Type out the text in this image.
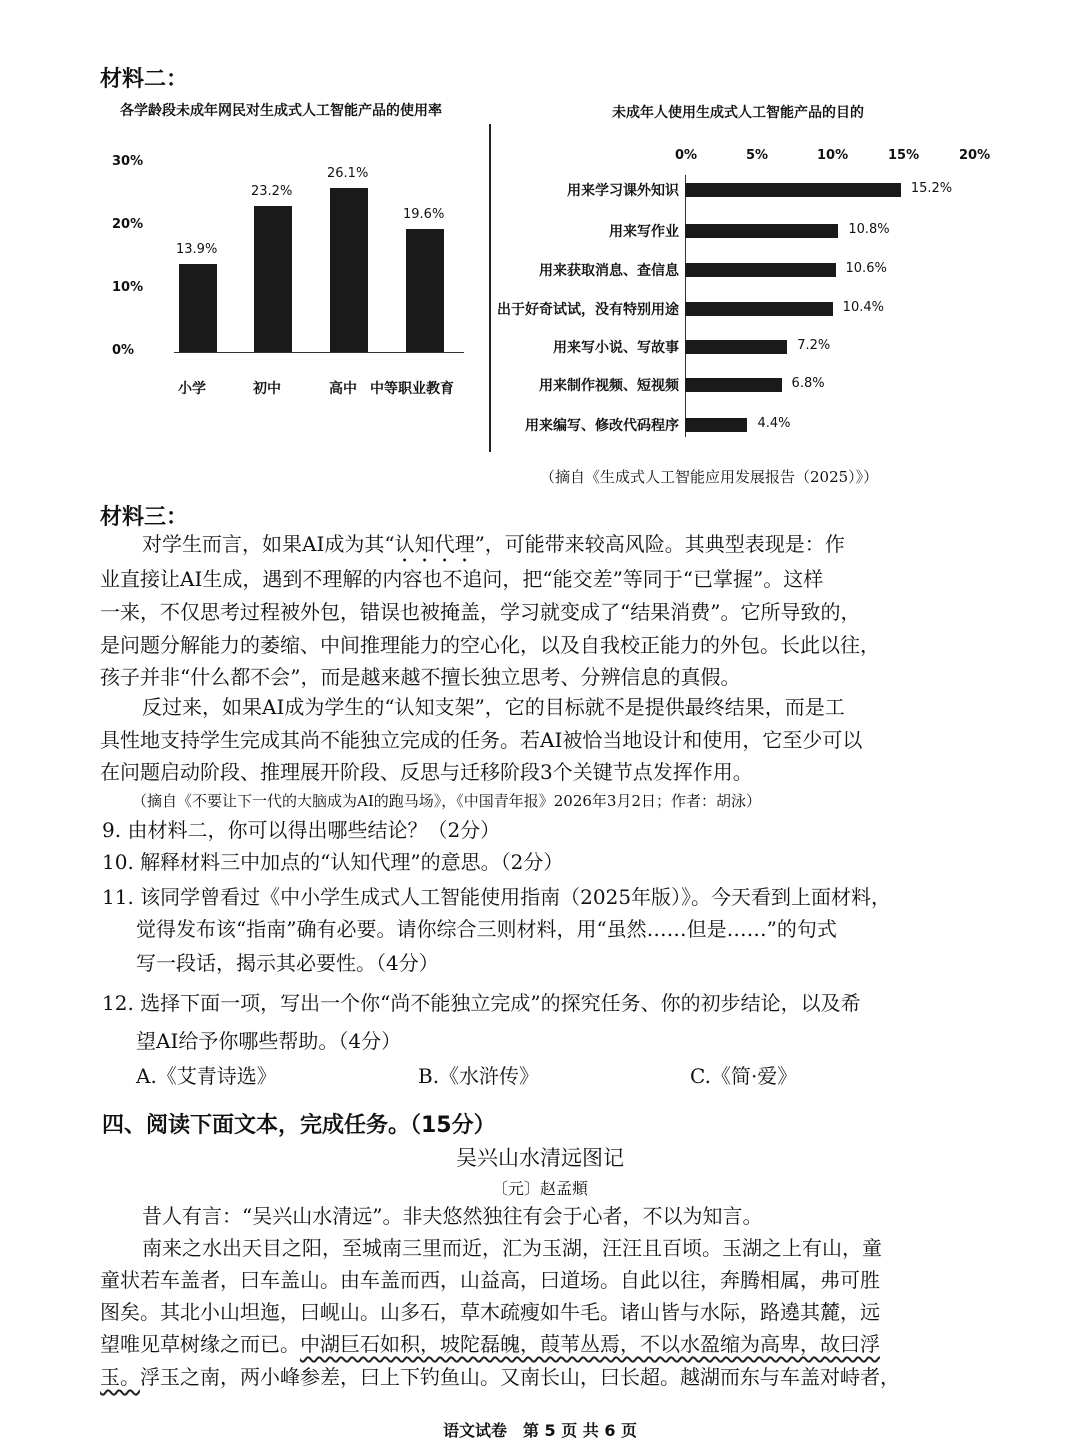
材料二：
各学龄段未成年网民对生成式人工智能产品的使用率
0%
10%
20%
30%
13.9%
小学
23.2%
初中
26.1%
高中
19.6%
中等职业教育
未成年人使用生成式人工智能产品的目的
0%	5%	10%	15%	20%
15.2%
用来学习课外知识
10.8%
用来写作业
10.6%
用来获取消息、查信息
10.4%
出于好奇试试，没有特别用途
7.2%
用来写小说、写故事
6.8%
用来制作视频、短视频
4.4%
用来编写、修改代码程序
（摘自《生成式人工智能应用发展报告（2025）》）
材料三：
对学生而言，如果AI成为其“认知代理”，可能带来较高风险。其典型表现是：作
业直接让AI生成，遇到不理解的内容也不追问，把“能交差”等同于“已掌握”。这样
一来，不仅思考过程被外包，错误也被掩盖，学习就变成了“结果消费”。它所导致的，
是问题分解能力的萎缩、中间推理能力的空心化，以及自我校正能力的外包。长此以往，
孩子并非“什么都不会”，而是越来越不擅长独立思考、分辨信息的真假。
反过来，如果AI成为学生的“认知支架”，它的目标就不是提供最终结果，而是工
具性地支持学生完成其尚不能独立完成的任务。若AI被恰当地设计和使用，它至少可以
在问题启动阶段、推理展开阶段、反思与迁移阶段3个关键节点发挥作用。
（摘自《不要让下一代的大脑成为AI的跑马场》，《中国青年报》2026年3月2日；作者：胡泳）
9. 由材料二，你可以得出哪些结论？（2分）
10. 解释材料三中加点的“认知代理”的意思。（2分）
11. 该同学曾看过《中小学生成式人工智能使用指南（2025年版）》。今天看到上面材料，
觉得发布该“指南”确有必要。请你综合三则材料，用“虽然……但是……”的句式
写一段话，揭示其必要性。（4分）
12. 选择下面一项，写出一个你“尚不能独立完成”的探究任务、你的初步结论，以及希
望AI给予你哪些帮助。（4分）
A.《艾青诗选》	B.《水浒传》	C.《简·爱》
四、阅读下面文本，完成任务。（15分）
吴兴山水清远图记
〔元〕赵孟頫
昔人有言：“吴兴山水清远”。非夫悠然独往有会于心者，不以为知言。
南来之水出天目之阳，至城南三里而近，汇为玉湖，汪汪且百顷。玉湖之上有山，童
童状若车盖者，曰车盖山。由车盖而西，山益高，曰道场。自此以往，奔腾相属，弗可胜
图矣。其北小山坦迤，曰岘山。山多石，草木疏瘦如牛毛。诸山皆与水际，路遶其麓，远
望唯见草树缘之而已。中湖巨石如积，坡陀磊魄，葭苇丛焉，不以水盈缩为高卑，故曰浮
玉。浮玉之南，两小峰参差，曰上下钓鱼山。又南长山，曰长超。越湖而东与车盖对峙者，
语文试卷　第 5 页 共 6 页
